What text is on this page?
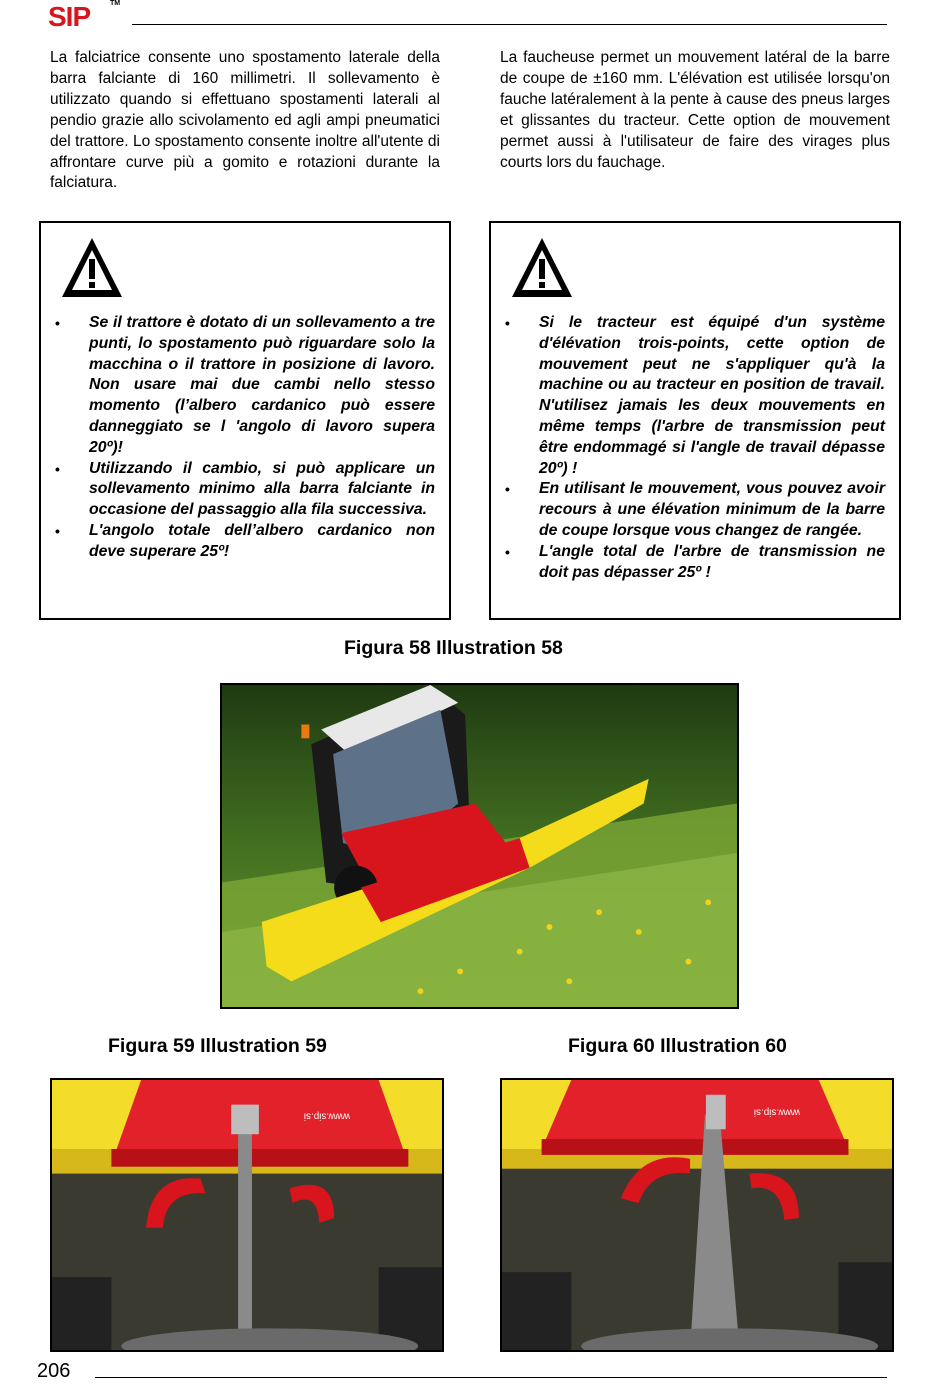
SIP	TM

La falciatrice consente uno spostamento laterale della barra falciante di 160 millimetri. Il sollevamento è utilizzato quando si effettuano spostamenti laterali al pendio grazie allo scivolamento ed agli ampi pneumatici del trattore. Lo spostamento consente inoltre all'utente di affrontare curve più a gomito e rotazioni durante la falciatura.

La faucheuse permet un mouvement latéral de la barre de coupe de ±160 mm. L'élévation est utilisée lorsqu'on fauche latéralement à la pente à cause des pneus larges et glissantes du tracteur. Cette option de mouvement permet aussi à l'utilisateur de faire des virages plus courts lors du fauchage.

• Se il trattore è dotato di un sollevamento a tre punti, lo spostamento può riguardare solo la macchina o il trattore in posizione di lavoro. Non usare mai due cambi nello stesso momento (l’albero cardanico può essere danneggiato se l 'angolo di lavoro supera 20º)!
• Utilizzando il cambio, si può applicare un sollevamento minimo alla barra falciante in occasione del passaggio alla fila successiva.
• L'angolo totale dell’albero cardanico non deve superare 25º!
• Si le tracteur est équipé d'un système d'élévation trois-points, cette option de mouvement peut ne s'appliquer qu'à la machine ou au tracteur en position de travail. N'utilisez jamais les deux mouvements en même temps (l'arbre de transmission peut être endommagé si l'angle de travail dépasse 20º) !
• En utilisant le mouvement, vous pouvez avoir recours à une élévation minimum de la barre de coupe lorsque vous changez de rangée.
• L'angle total de l'arbre de transmission ne doit pas dépasser 25º !
Figura 58 Illustration 58
Figura 59 Illustration 59	Figura 60 Illustration 60
www.sip.si	www.sip.si
206
